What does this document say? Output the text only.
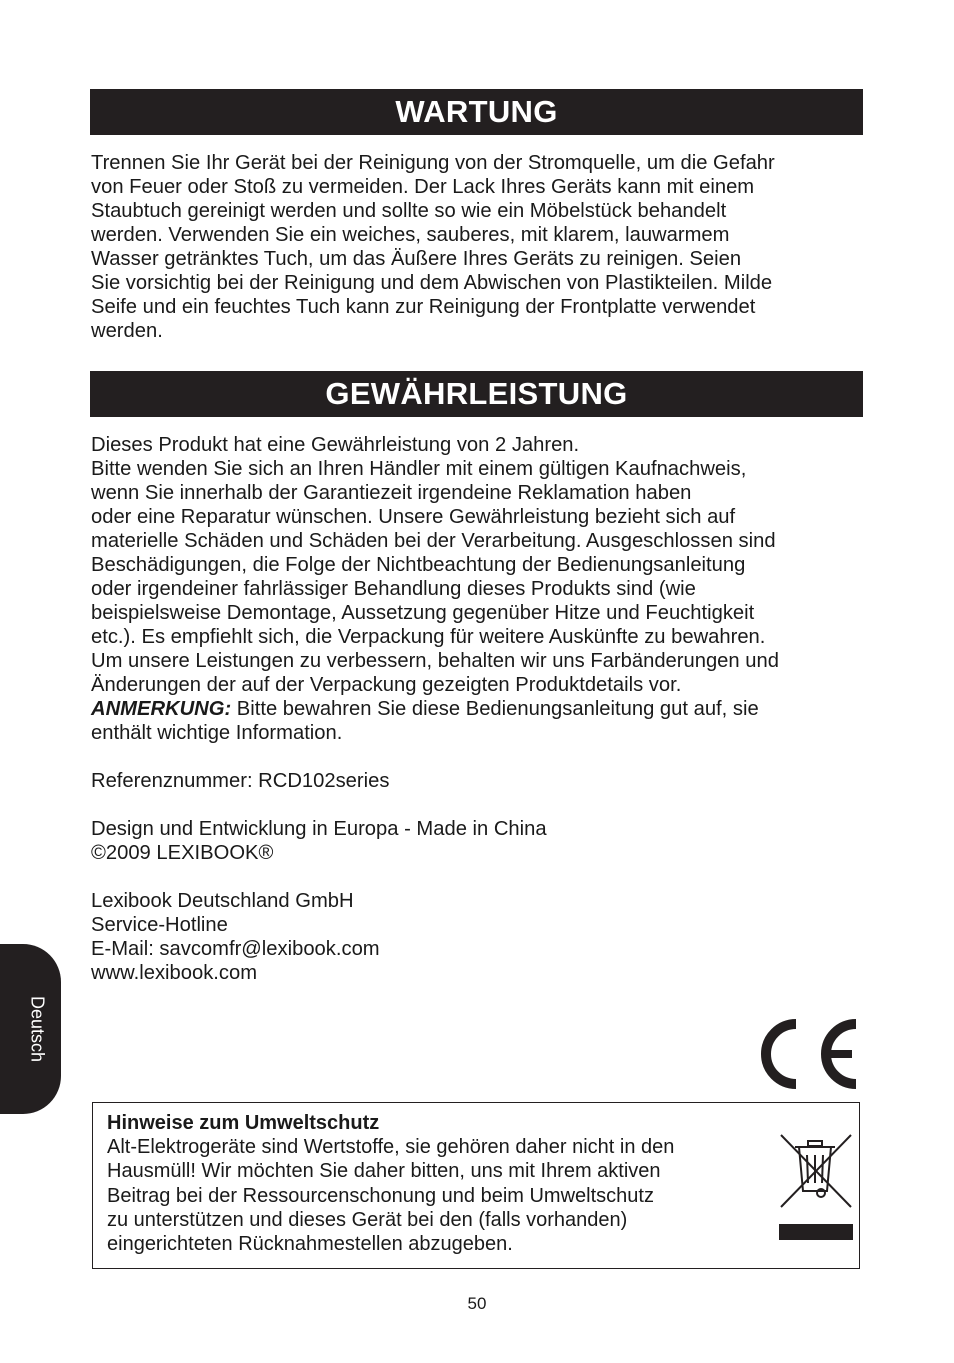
WARTUNG

Trennen Sie Ihr Gerät bei der Reinigung von der Stromquelle, um die Gefahr

von Feuer oder Stoß zu vermeiden. Der Lack Ihres Geräts kann mit einem

Staubtuch gereinigt werden und sollte so wie ein Möbelstück behandelt

werden. Verwenden Sie ein weiches, sauberes, mit klarem, lauwarmem

Wasser getränktes Tuch, um das Äußere Ihres Geräts zu reinigen. Seien

Sie vorsichtig bei der Reinigung und dem Abwischen von Plastikteilen. Milde

Seife und ein feuchtes Tuch kann zur Reinigung der Frontplatte verwendet

werden.

GEWÄHRLEISTUNG

Dieses Produkt hat eine Gewährleistung von 2 Jahren.

Bitte wenden Sie sich an Ihren Händler mit einem gültigen Kaufnachweis,

wenn Sie innerhalb der Garantiezeit irgendeine Reklamation haben

oder eine Reparatur wünschen. Unsere Gewährleistung bezieht sich auf

materielle Schäden und Schäden bei der Verarbeitung. Ausgeschlossen sind

Beschädigungen, die Folge der Nichtbeachtung der Bedienungsanleitung

oder irgendeiner fahrlässiger Behandlung dieses Produkts sind (wie

beispielsweise Demontage, Aussetzung gegenüber Hitze und Feuchtigkeit

etc.). Es empfiehlt sich, die Verpackung für weitere Auskünfte zu bewahren.

Um unsere Leistungen zu verbessern, behalten wir uns Farbänderungen und

Änderungen der auf der Verpackung gezeigten Produktdetails vor.

ANMERKUNG: Bitte bewahren Sie diese Bedienungsanleitung gut auf, sie

enthält wichtige Information.

Referenznummer: RCD102series

Design und Entwicklung in Europa - Made in China

©2009 LEXIBOOK®

Lexibook Deutschland GmbH

Service-Hotline

E-Mail: savcomfr@lexibook.com

www.lexibook.com

Deutsch
Hinweise zum Umweltschutz
Alt-Elektrogeräte sind Wertstoffe, sie gehören daher nicht in den
Hausmüll! Wir möchten Sie daher bitten, uns mit Ihrem aktiven
Beitrag bei der Ressourcenschonung und beim Umweltschutz
zu unterstützen und dieses Gerät bei den (falls vorhanden)
eingerichteten Rücknahmestellen abzugeben.
50
